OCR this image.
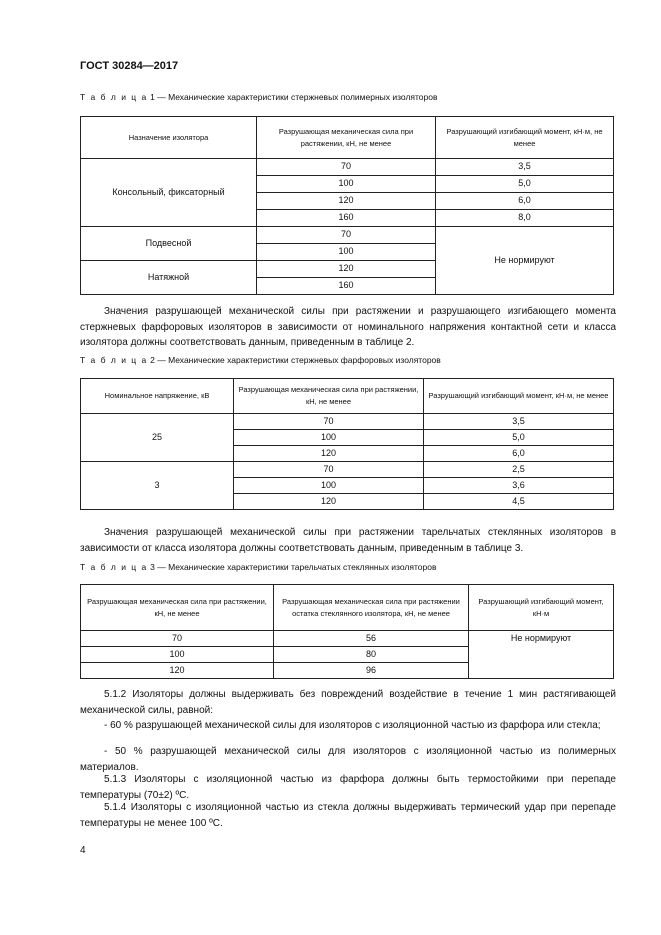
ГОСТ 30284—2017
Т а б л и ц а 1 — Механические характеристики стержневых полимерных изоляторов
Назначение изолятора	Разрушающая механическая сила при растяжении, кН, не менее	Разрушающий изгибающий момент, кН·м, не менее
Консольный, фиксаторный	70	3,5
	100	5,0
	120	6,0
	160	8,0
Подвесной	70	Не нормируют
	100	
Натяжной	120	
	160	

Значения разрушающей механической силы при растяжении и разрушающего изгибающего момента стержневых фарфоровых изоляторов в зависимости от номинального напряжения контактной сети и класса изолятора должны соответствовать данным, приведенным в таблице 2.

Т а б л и ц а 2 — Механические характеристики стержневых фарфоровых изоляторов
Номинальное напряжение, кВ	Разрушающая механическая сила при растяжении, кН, не менее	Разрушающий изгибающий момент, кН·м, не менее
25	70	3,5
	100	5,0
	120	6,0
3	70	2,5
	100	3,6
	120	4,5

Значения разрушающей механической силы при растяжении тарельчатых стеклянных изоляторов в зависимости от класса изолятора должны соответствовать данным, приведенным в таблице 3.

Т а б л и ц а 3 — Механические характеристики тарельчатых стеклянных изоляторов
Разрушающая механическая сила при растяжении, кН, не менее	Разрушающая механическая сила при растяжении остатка стеклянного изолятора, кН, не менее	Разрушающий изгибающий момент, кН·м
70	56	Не нормируют
100	80	
120	96	

5.1.2 Изоляторы должны выдерживать без повреждений воздействие в течение 1 мин растягивающей механической силы, равной:

- 60 % разрушающей механической силы для изоляторов с изоляционной частью из фарфора или стекла;

- 50 % разрушающей механической силы для изоляторов с изоляционной частью из полимерных материалов.

5.1.3 Изоляторы с изоляционной частью из фарфора должны быть термостойкими при перепаде температуры (70±2) ºС.

5.1.4 Изоляторы с изоляционной частью из стекла должны выдерживать термический удар при перепаде температуры не менее 100 ºС.

4
